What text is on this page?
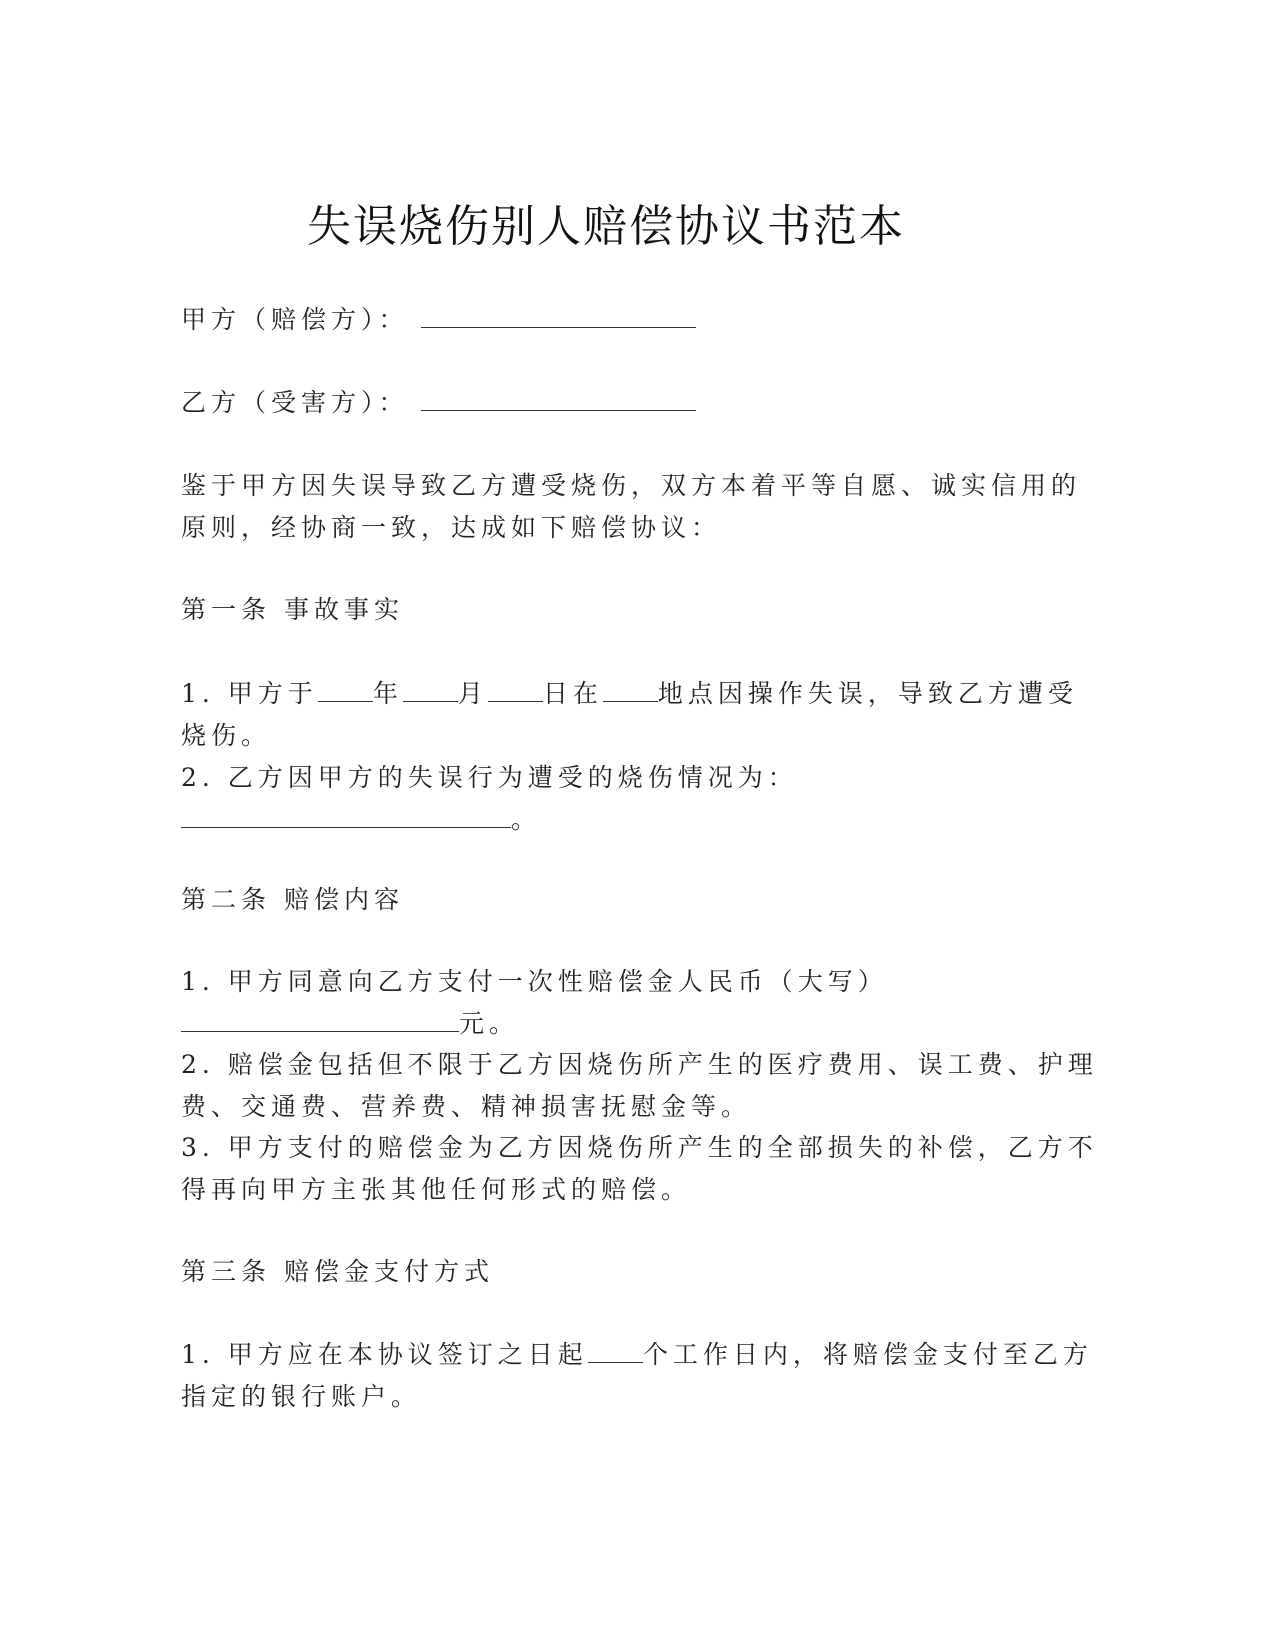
失误烧伤别人赔偿协议书范本
甲方（赔偿方）：
乙方（受害方）：
鉴于甲方因失误导致乙方遭受烧伤，双方本着平等自愿、诚实信用的
原则，经协商一致，达成如下赔偿协议：
第一条 事故事实
1. 甲方于 年 月 日在 地点因操作失误，导致乙方遭受
烧伤。
2. 乙方因甲方的失误行为遭受的烧伤情况为：
。
第二条 赔偿内容
1. 甲方同意向乙方支付一次性赔偿金人民币（大写）
元。
2. 赔偿金包括但不限于乙方因烧伤所产生的医疗费用、误工费、护理
费、交通费、营养费、精神损害抚慰金等。
3. 甲方支付的赔偿金为乙方因烧伤所产生的全部损失的补偿，乙方不
得再向甲方主张其他任何形式的赔偿。
第三条 赔偿金支付方式
1. 甲方应在本协议签订之日起 个工作日内，将赔偿金支付至乙方
指定的银行账户。
